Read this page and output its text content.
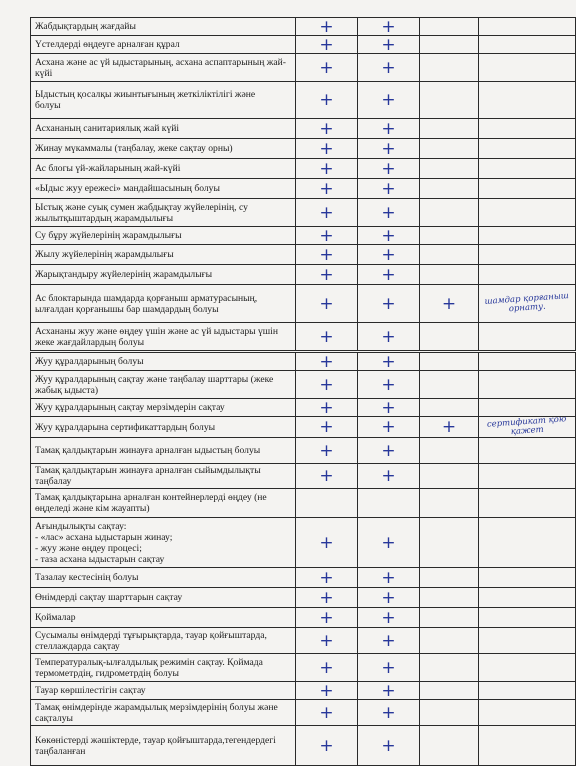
Жабдықтардың жағдайы	+	+		

Үстелдерді өңдеуге арналған құрал	+	+		

Асхана және ас үй ыдыстарының, асхана аспаптарының жай-күйі	+	+		

Ыдыстың қосалқы жиынтығының жеткіліктілігі және
болуы	+	+		

Асхананың санитариялық жай күйі	+	+		

Жинау мүкаммалы (таңбалау, жеке сақтау орны)	+	+		

Ас блогы үй-жайларының жай-күйі	+	+		

«Ыдыс жуу ережесі» мандайшасының болуы	+	+		

Ыстық және суық сумен жабдықтау жүйелерінің, су жылытқыштардың жарамдылығы	+	+		

Су бұру жүйелерінің жарамдылығы	+	+		

Жылу жүйелерінің жарамдылығы	+	+		

Жарықтандыру жүйелерінің жарамдылығы	+	+		

Ас блоктарында шамдарда қорғаныш арматурасының, ылғалдан қорғанышы бар шамдардың болуы	+	+	+	шамдар қорғаныш орнату.

Асхананы жуу және өңдеу үшін және ас үй ыдыстары үшін жеке жағдайлардың болуы	+	+		

Жуу құралдарының болуы	+	+		

Жуу құралдарының сақтау және таңбалау шарттары (жеке жабық ыдыста)	+	+		

Жуу құралдарының сақтау мерзімдерін сақтау	+	+		

Жуу құралдарына сертификаттардың болуы	+	+	+	сертификат қою қажет

Тамақ қалдықтарын жинауға арналған ыдыстың болуы	+	+		

Тамақ қалдықтарын жинауға арналған сыйымдылықты таңбалау	+	+		

Тамақ қалдықтарына арналған контейнерлерді өңдеу (не өңделеді және кім жауапты)	

Ағындылықты сақтау:
- «лас» асхана ыдыстарын жинау;
- жуу және өңдеу процесі;
- таза асхана ыдыстарын сақтау	+	+		

Тазалау кестесінің болуы	+	+		

Өнімдерді сақтау шарттарын сақтау	+	+		

Қоймалар	+	+		

Сусымалы өнімдерді тұғырықтарда, тауар қойғыштарда, стеллаждарда сақтау	+	+		

Температуралық-ылғалдылық режимін сақтау. Қоймада термометрдің, гидрометрдің болуы	+	+		

Тауар көршілестігін сақтау	+	+		

Тамақ өнімдерінде жарамдылық мерзімдерінің болуы және сақталуы	+	+		

Көкөністерді жәшіктерде, тауар қойғыштарда,тегендердегі таңбаланған	+	+		
